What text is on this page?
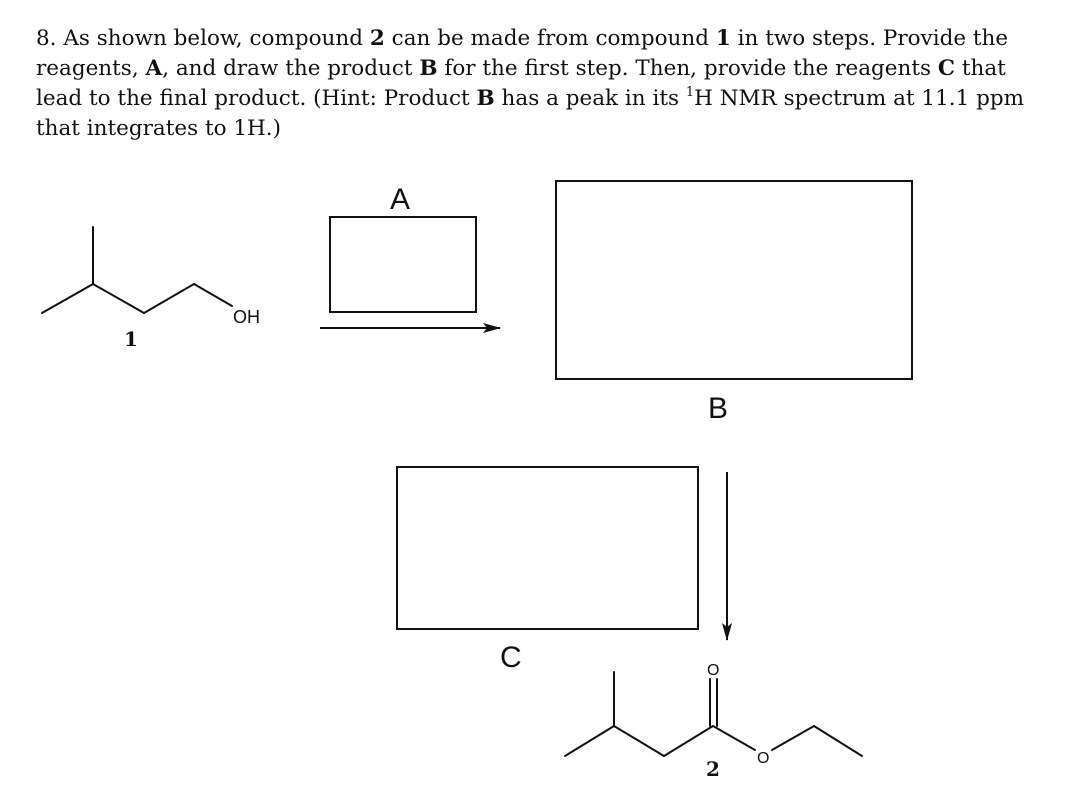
8. As shown below, compound 2 can be made from compound 1 in two steps. Provide the reagents, A, and draw the product B for the first step. Then, provide the reagents C that lead to the final product. (Hint: Product B has a peak in its $^1$H NMR spectrum at 11.1 ppm that integrates to 1H.)

OH
1
A
B
C	O
O
2
